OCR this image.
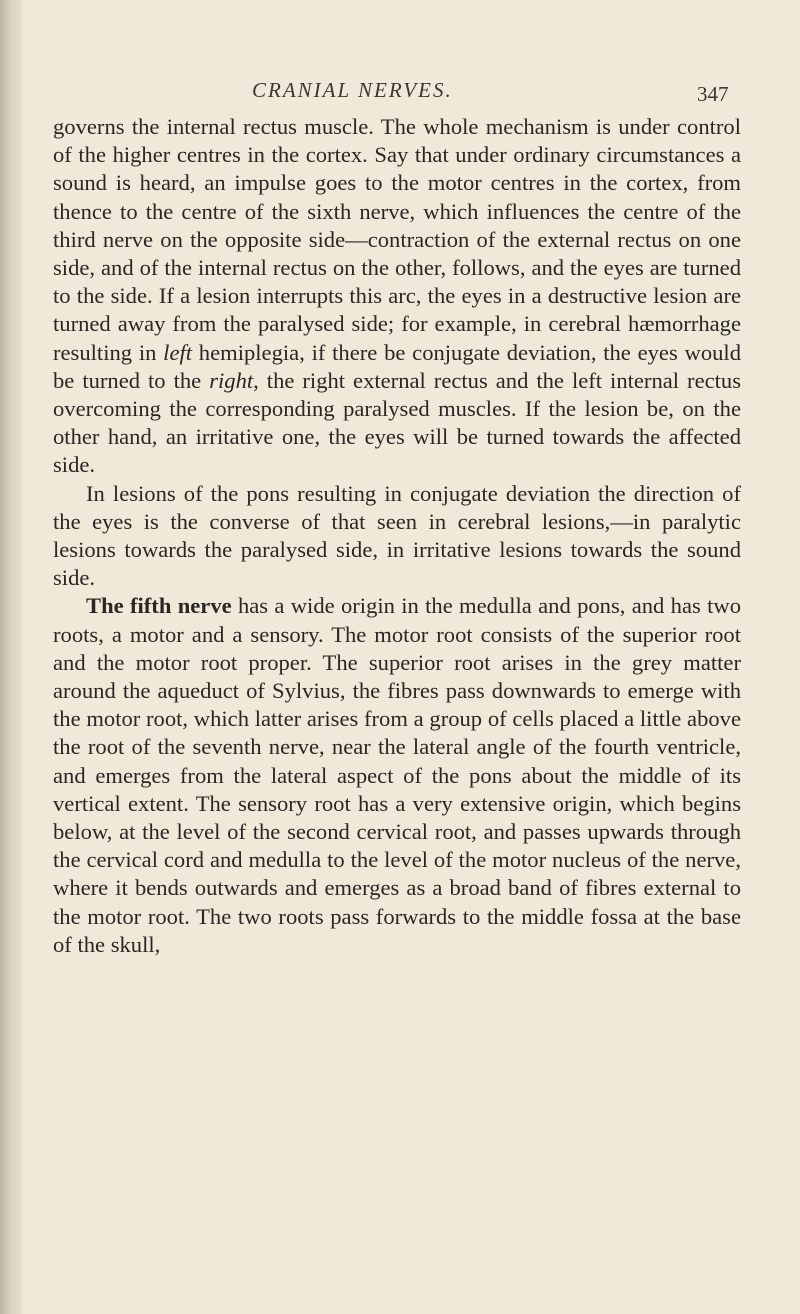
CRANIAL NERVES.	347

governs the internal rectus muscle. The whole mechanism is under control of the higher centres in the cortex. Say that under ordinary circumstances a sound is heard, an impulse goes to the motor centres in the cortex, from thence to the centre of the sixth nerve, which influences the centre of the third nerve on the opposite side—contraction of the external rectus on one side, and of the internal rectus on the other, follows, and the eyes are turned to the side. If a lesion interrupts this arc, the eyes in a destructive lesion are turned away from the paralysed side; for example, in cerebral hæmorrhage resulting in left hemiplegia, if there be conjugate deviation, the eyes would be turned to the right, the right external rectus and the left internal rectus overcoming the corresponding paralysed muscles. If the lesion be, on the other hand, an irritative one, the eyes will be turned towards the affected side.

In lesions of the pons resulting in conjugate deviation the direction of the eyes is the converse of that seen in cerebral lesions,—in paralytic lesions towards the paralysed side, in irritative lesions towards the sound side.

The fifth nerve has a wide origin in the medulla and pons, and has two roots, a motor and a sensory. The motor root consists of the superior root and the motor root proper. The superior root arises in the grey matter around the aqueduct of Sylvius, the fibres pass downwards to emerge with the motor root, which latter arises from a group of cells placed a little above the root of the seventh nerve, near the lateral angle of the fourth ventricle, and emerges from the lateral aspect of the pons about the middle of its vertical extent. The sensory root has a very extensive origin, which begins below, at the level of the second cervical root, and passes upwards through the cervical cord and medulla to the level of the motor nucleus of the nerve, where it bends outwards and emerges as a broad band of fibres external to the motor root. The two roots pass forwards to the middle fossa at the base of the skull,
